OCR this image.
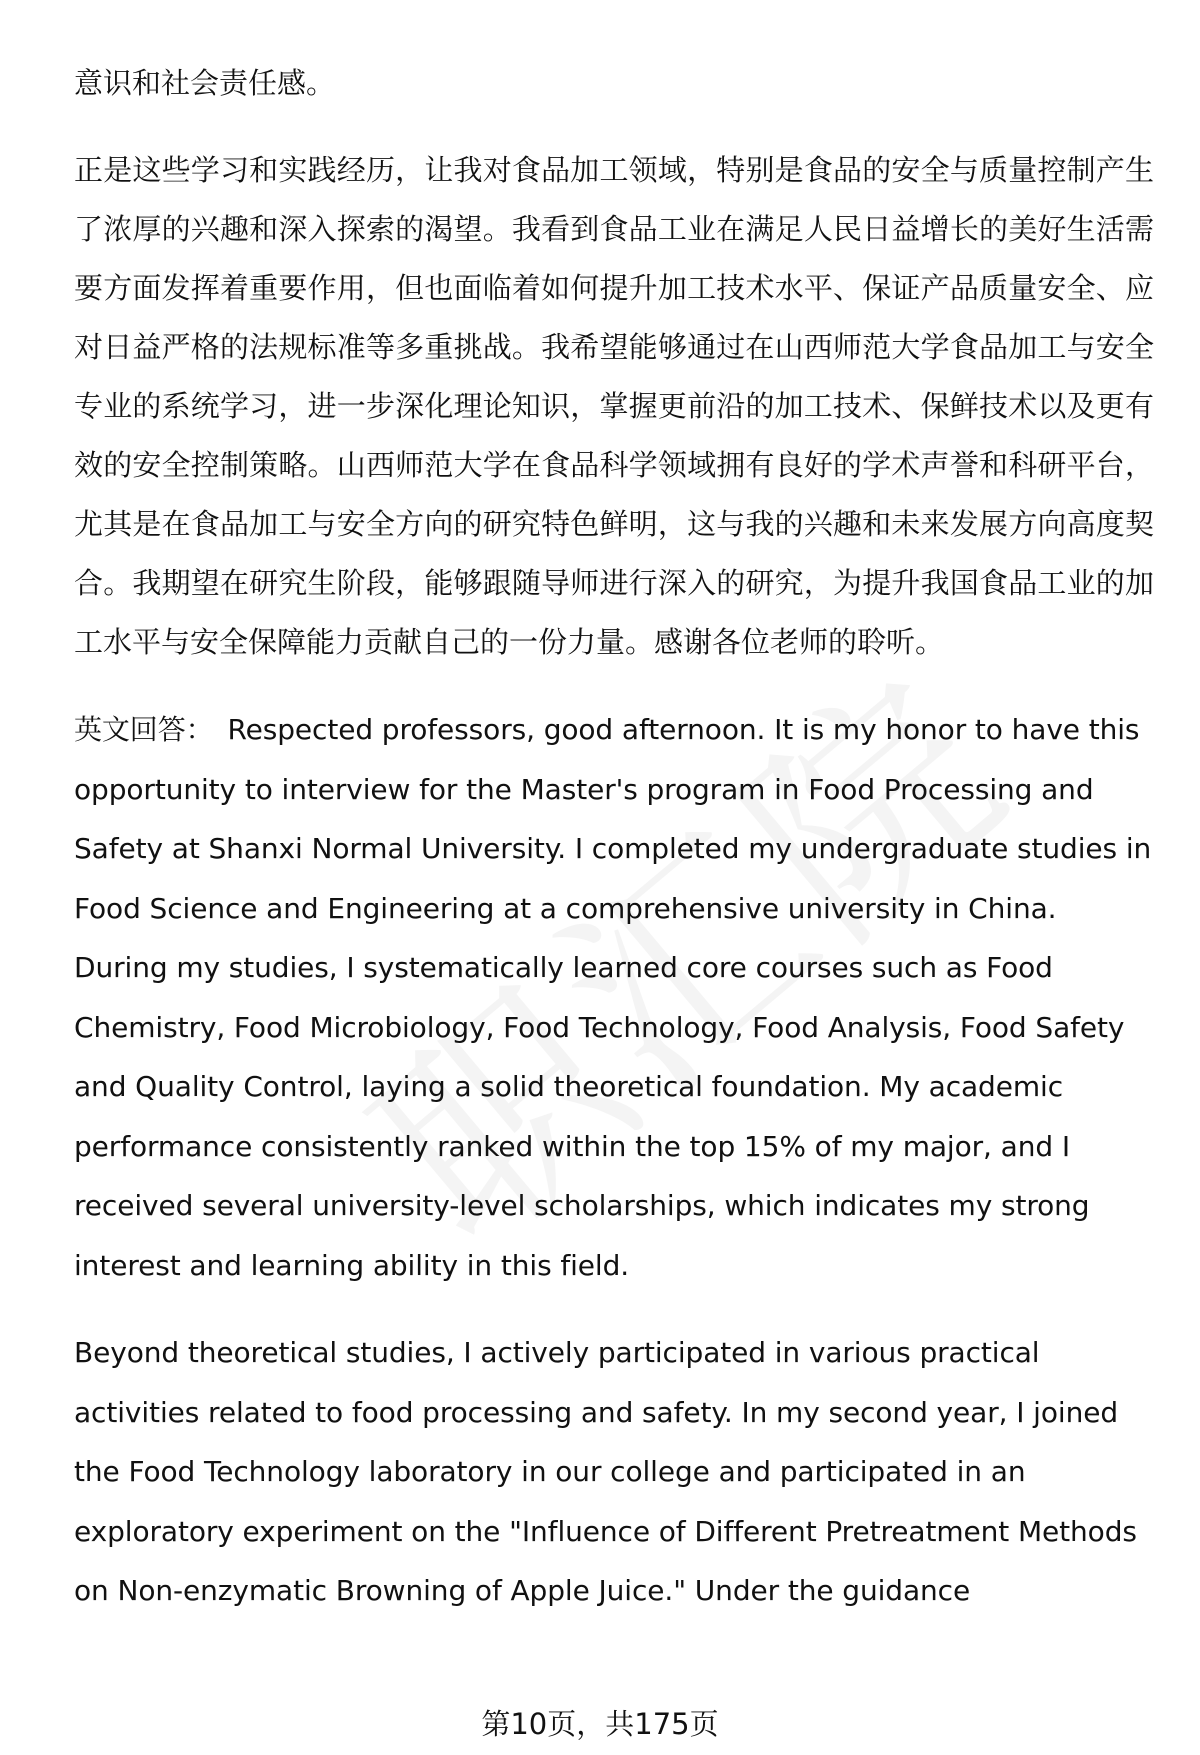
意识和社会责任感。

正是这些学习和实践经历，让我对食品加工领域，特别是食品的安全与质量控制产生了浓厚的兴趣和深入探索的渴望。我看到食品工业在满足人民日益增长的美好生活需要方面发挥着重要作用，但也面临着如何提升加工技术水平、保证产品质量安全、应对日益严格的法规标准等多重挑战。我希望能够通过在山西师范大学食品加工与安全专业的系统学习，进一步深化理论知识，掌握更前沿的加工技术、保鲜技术以及更有效的安全控制策略。山西师范大学在食品科学领域拥有良好的学术声誉和科研平台，尤其是在食品加工与安全方向的研究特色鲜明，这与我的兴趣和未来发展方向高度契合。我期望在研究生阶段，能够跟随导师进行深入的研究，为提升我国食品工业的加工水平与安全保障能力贡献自己的一份力量。感谢各位老师的聆听。

英文回答： Respected professors, good afternoon. It is my honor to have this opportunity to interview for the Master's program in Food Processing and Safety at Shanxi Normal University. I completed my undergraduate studies in Food Science and Engineering at a comprehensive university in China. During my studies, I systematically learned core courses such as Food Chemistry, Food Microbiology, Food Technology, Food Analysis, Food Safety and Quality Control, laying a solid theoretical foundation. My academic performance consistently ranked within the top 15% of my major, and I received several university-level scholarships, which indicates my strong interest and learning ability in this field.

Beyond theoretical studies, I actively participated in various practical activities related to food processing and safety. In my second year, I joined the Food Technology laboratory in our college and participated in an exploratory experiment on the "Influence of Different Pretreatment Methods on Non-enzymatic Browning of Apple Juice." Under the guidance

第10页，共175页
